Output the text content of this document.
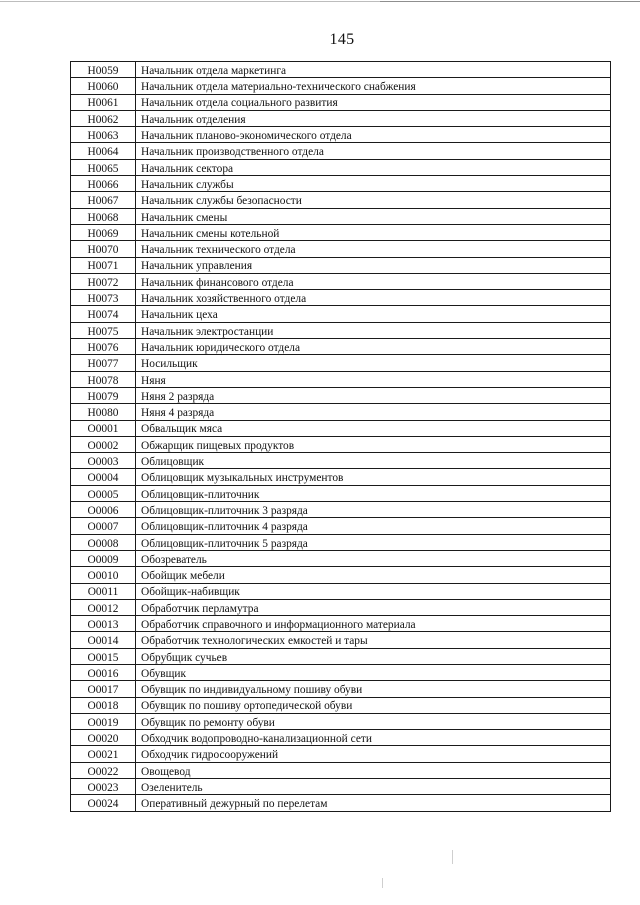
145
Н0059	Начальник отдела маркетинга
Н0060	Начальник отдела материально-технического снабжения
Н0061	Начальник отдела социального развития
Н0062	Начальник отделения
Н0063	Начальник планово-экономического отдела
Н0064	Начальник производственного отдела
Н0065	Начальник сектора
Н0066	Начальник службы
Н0067	Начальник службы безопасности
Н0068	Начальник смены
Н0069	Начальник смены котельной
Н0070	Начальник технического отдела
Н0071	Начальник управления
Н0072	Начальник финансового отдела
Н0073	Начальник хозяйственного отдела
Н0074	Начальник цеха
Н0075	Начальник электростанции
Н0076	Начальник юридического отдела
Н0077	Носильщик
Н0078	Няня
Н0079	Няня 2 разряда
Н0080	Няня 4 разряда
О0001	Обвальщик мяса
О0002	Обжарщик пищевых продуктов
О0003	Облицовщик
О0004	Облицовщик музыкальных инструментов
О0005	Облицовщик-плиточник
О0006	Облицовщик-плиточник 3 разряда
О0007	Облицовщик-плиточник 4 разряда
О0008	Облицовщик-плиточник 5 разряда
О0009	Обозреватель
О0010	Обойщик мебели
О0011	Обойщик-набивщик
О0012	Обработчик перламутра
О0013	Обработчик справочного и информационного материала
О0014	Обработчик технологических емкостей и тары
О0015	Обрубщик сучьев
О0016	Обувщик
О0017	Обувщик по индивидуальному пошиву обуви
О0018	Обувщик по пошиву ортопедической обуви
О0019	Обувщик по ремонту обуви
О0020	Обходчик водопроводно-канализационной сети
О0021	Обходчик гидросооружений
О0022	Овощевод
О0023	Озеленитель
О0024	Оперативный дежурный по перелетам
